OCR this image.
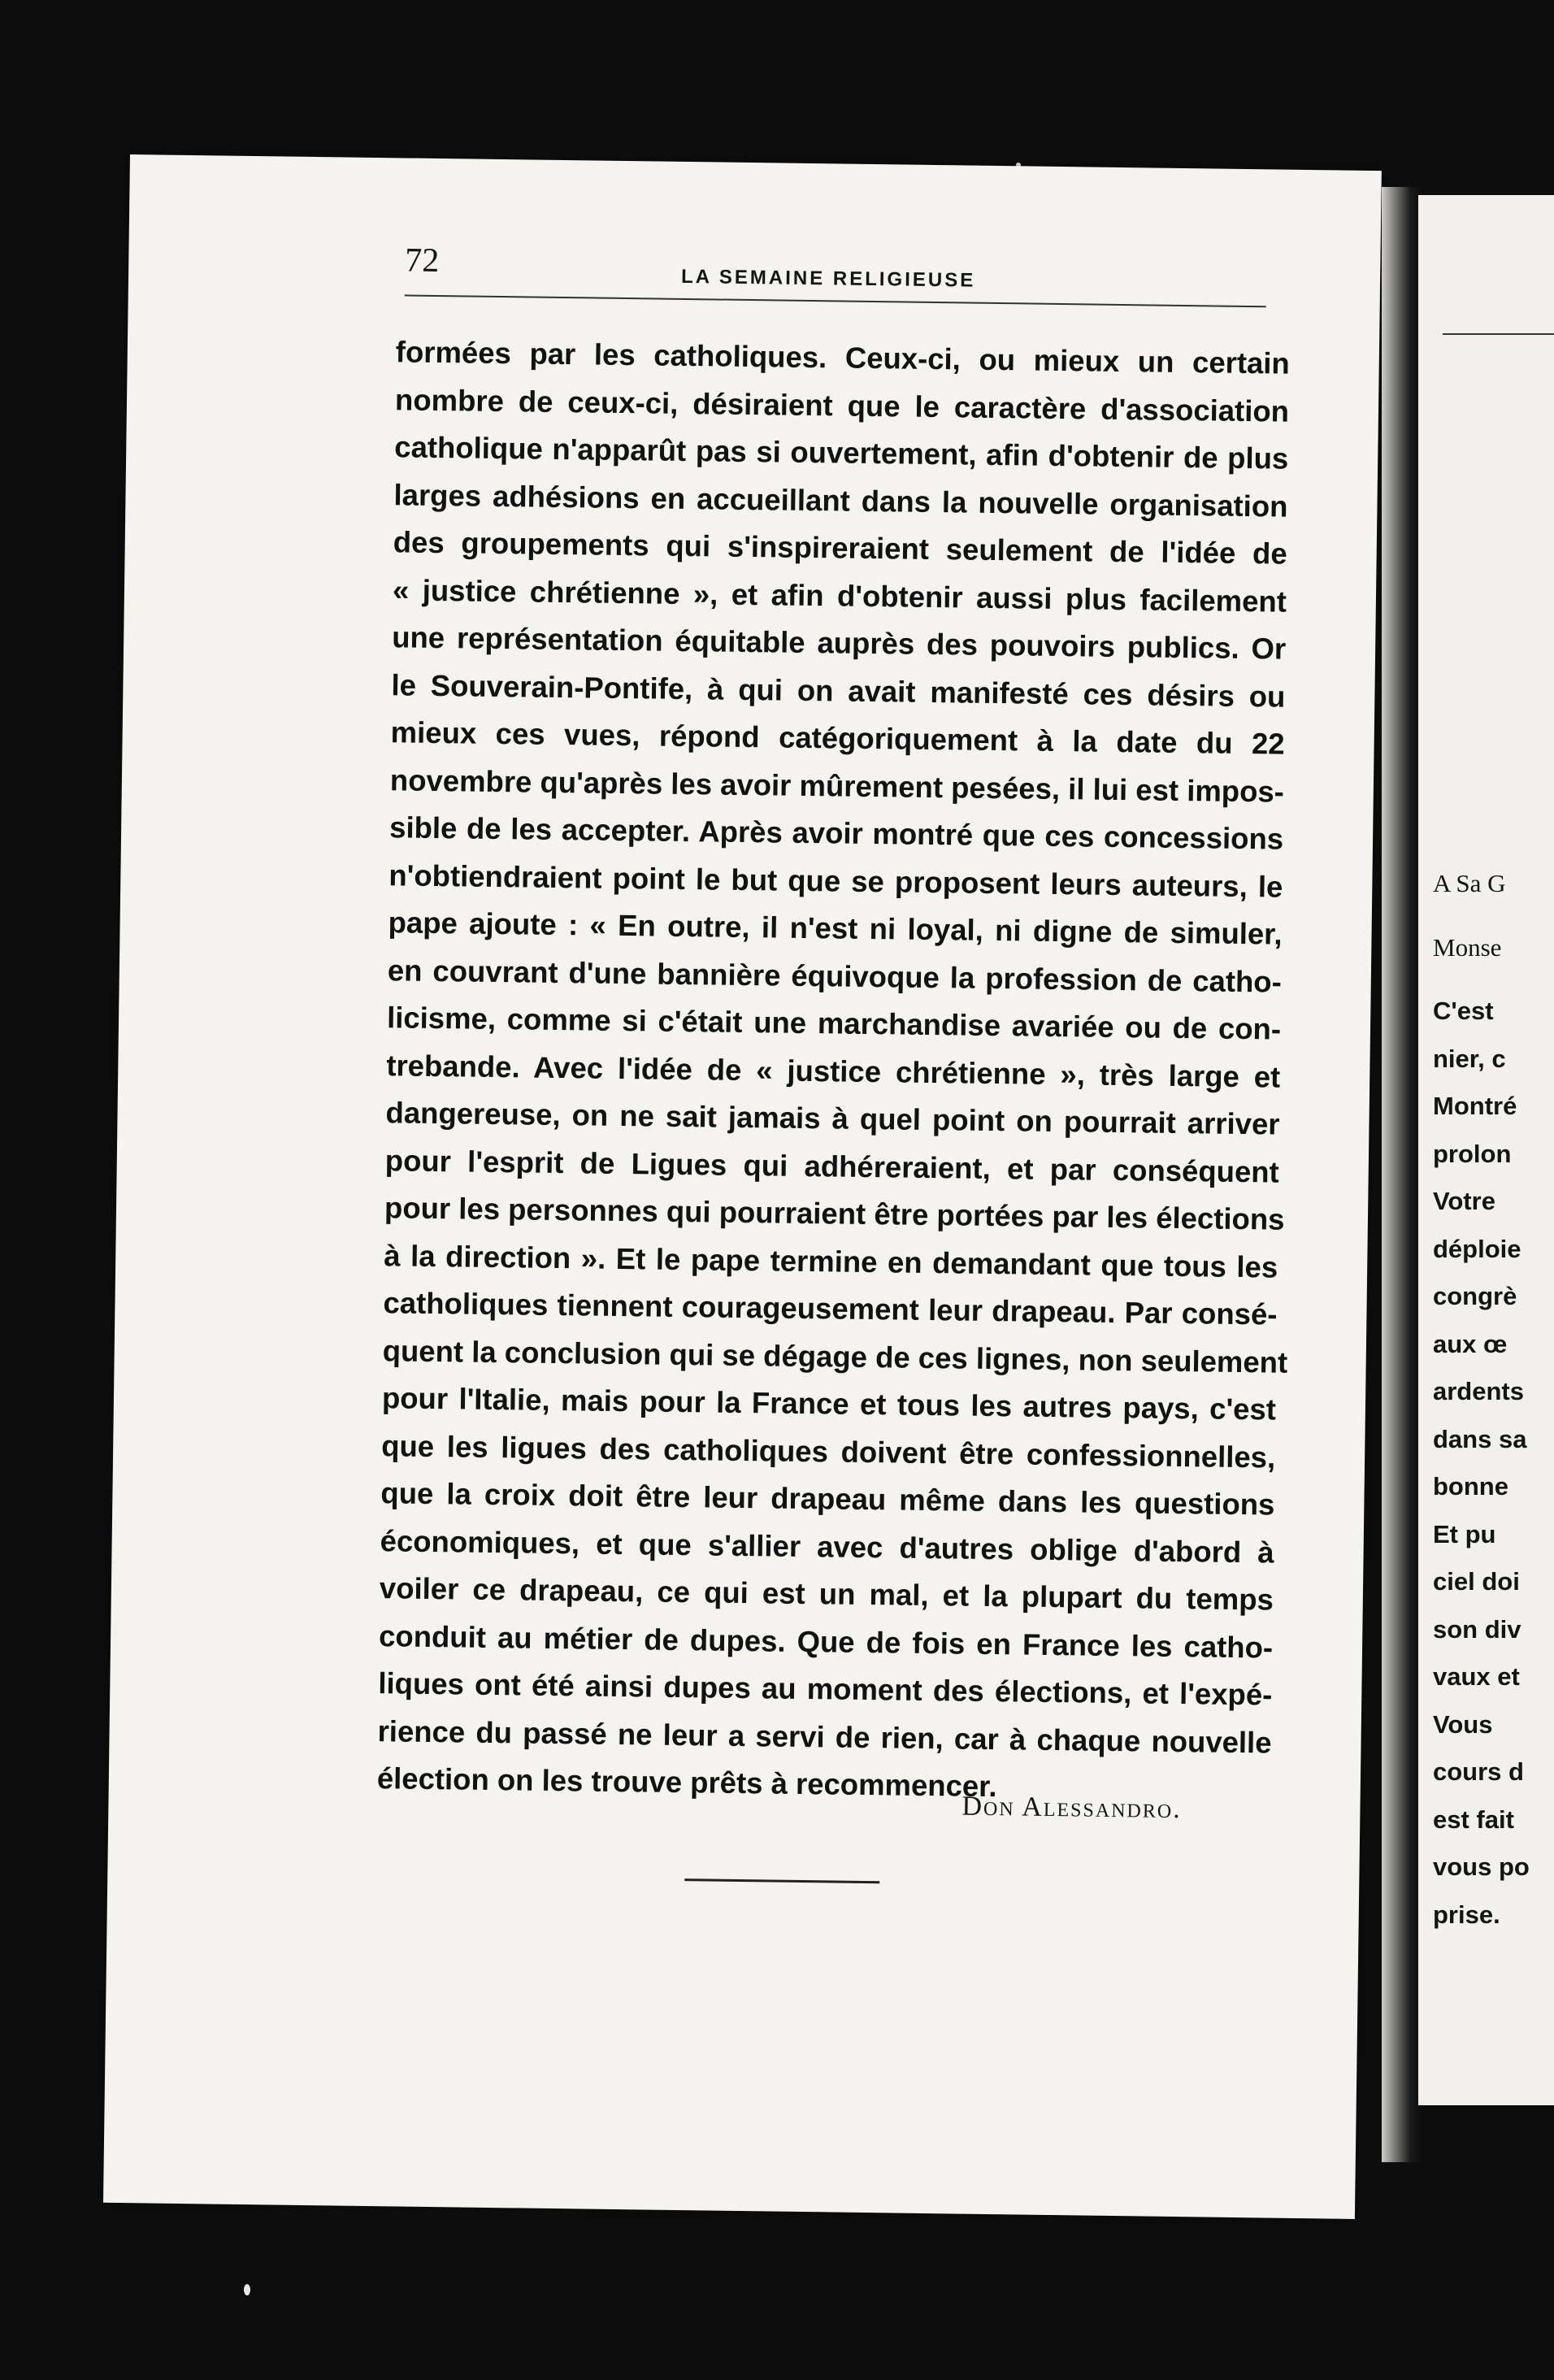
72	LA SEMAINE RELIGIEUSE
formées par les catholiques. Ceux-ci, ou mieux un certain
nombre de ceux-ci, désiraient que le caractère d'association
catholique n'apparût pas si ouvertement, afin d'obtenir de plus
larges adhésions en accueillant dans la nouvelle organisation
des groupements qui s'inspireraient seulement de l'idée de
« justice chrétienne », et afin d'obtenir aussi plus facilement
une représentation équitable auprès des pouvoirs publics. Or
le Souverain-Pontife, à qui on avait manifesté ces désirs ou
mieux ces vues, répond catégoriquement à la date du 22
novembre qu'après les avoir mûrement pesées, il lui est impos-
sible de les accepter. Après avoir montré que ces concessions
n'obtiendraient point le but que se proposent leurs auteurs, le
pape ajoute : « En outre, il n'est ni loyal, ni digne de simuler,
en couvrant d'une bannière équivoque la profession de catho-
licisme, comme si c'était une marchandise avariée ou de con-
trebande. Avec l'idée de « justice chrétienne », très large et
dangereuse, on ne sait jamais à quel point on pourrait arriver
pour l'esprit de Ligues qui adhéreraient, et par conséquent
pour les personnes qui pourraient être portées par les élections
à la direction ». Et le pape termine en demandant que tous les
catholiques tiennent courageusement leur drapeau. Par consé-
quent la conclusion qui se dégage de ces lignes, non seulement
pour l'Italie, mais pour la France et tous les autres pays, c'est
que les ligues des catholiques doivent être confessionnelles,
que la croix doit être leur drapeau même dans les questions
économiques, et que s'allier avec d'autres oblige d'abord à
voiler ce drapeau, ce qui est un mal, et la plupart du temps
conduit au métier de dupes. Que de fois en France les catho-
liques ont été ainsi dupes au moment des élections, et l'expé-
rience du passé ne leur a servi de rien, car à chaque nouvelle
élection on les trouve prêts à recommencer.
Don Alessandro.
A Sa G
Monse
C'est
nier, c
Montré
prolon
Votre
déploie
congrè
aux œ
ardents
dans sa
bonne
Et pu
ciel doi
son div
vaux et
Vous
cours d
est fait
vous po
prise.
